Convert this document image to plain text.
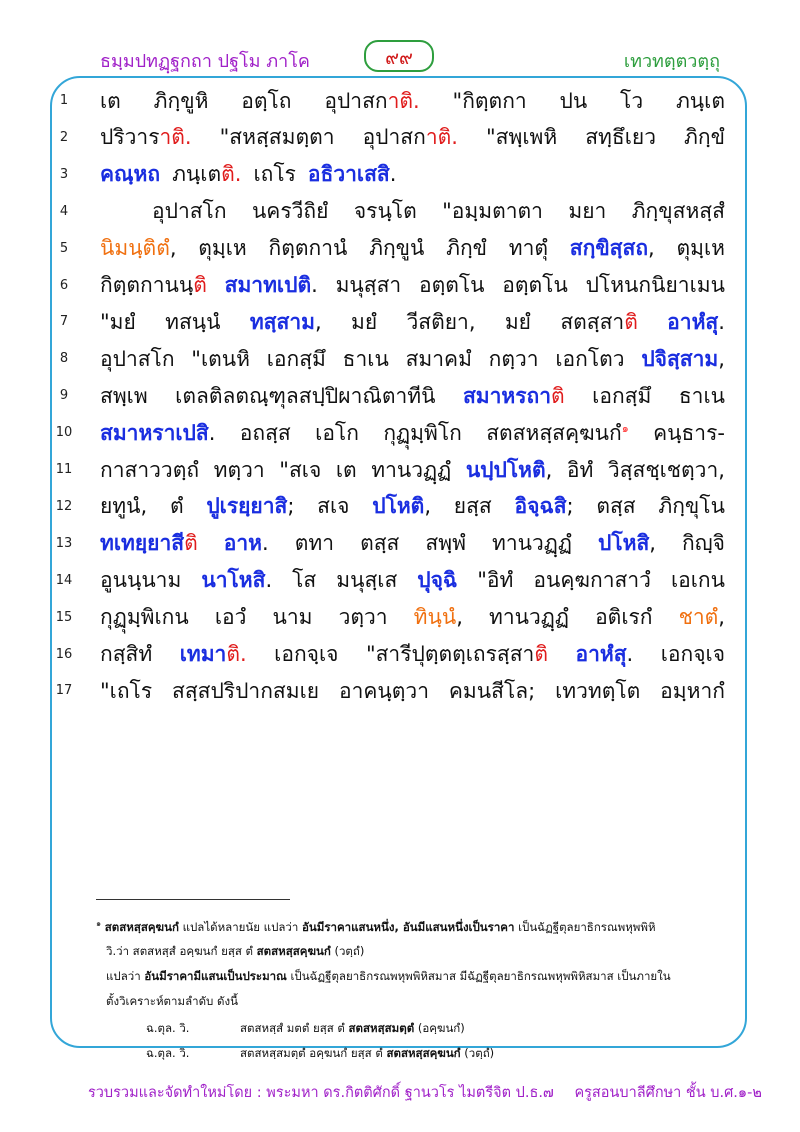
ธมฺมปทฏฺฐกถา ปฐโม ภาโค	๙๙	เทวทตฺตวตฺถุ
1	เต ภิกฺขูหิ อตฺโถ อุปาสกาติ. "กิตฺตกา ปน โว ภนฺเต
2	ปริวาราติ. "สหสฺสมตฺตา อุปาสกาติ. "สพฺเพหิ สทฺธึเยว ภิกฺขํ
3	คณฺหถ ภนฺเตติ. เถโร อธิวาเสสิ.
4	อุปาสโก นครวีถิยํ จรนฺโต "อมฺมตาตา มยา ภิกฺขุสหสฺสํ
5	นิมนฺติตํ, ตุมฺเห กิตฺตกานํ ภิกฺขูนํ ภิกฺขํ ทาตุํ สกฺขิสฺสถ, ตุมฺเห
6	กิตฺตกานนฺติ สมาทเปติ. มนุสฺสา อตฺตโน อตฺตโน ปโหนกนิยาเมน
7	"มยํ ทสนฺนํ ทสฺสาม, มยํ วีสติยา, มยํ สตสฺสาติ อาหํสุ.
8	อุปาสโก "เตนหิ เอกสฺมึ ธาเน สมาคมํ กตฺวา เอกโตว ปจิสฺสาม,
9	สพฺเพ เตลติลตณฺฑุลสปฺปิผาณิตาทีนิ สมาหรถาติ เอกสฺมึ ธาเน
10 สมาหราเปสิ. อถสฺส เอโก กุฏุมฺพิโก สตสหสฺสคฺฆนกํ$^๑$ คนฺธาร-
11 กาสาววตฺถํ ทตฺวา "สเจ เต ทานวฏฺฏํ นปฺปโหติ, อิทํ วิสฺสชฺเชตฺวา,
12 ยทูนํ, ตํ ปูเรยฺยาสิ; สเจ ปโหติ, ยสฺส อิจฺฉสิ; ตสฺส ภิกฺขุโน
13 ทเทยฺยาสีติ อาห. ตทา ตสฺส สพฺพํ ทานวฏฺฏํ ปโหสิ, กิญฺจิ
14 อูนนฺนาม นาโหสิ. โส มนุสฺเส ปุจฺฉิ "อิทํ อนคฺฆกาสาวํ เอเกน
15 กุฏุมฺพิเกน เอวํ นาม วตฺวา ทินฺนํ, ทานวฏฺฏํ อติเรกํ ชาตํ,
16 กสฺสิทํ เทมาติ. เอกจฺเจ "สารีปุตฺตตฺเถรสฺสาติ อาหํสุ. เอกจฺเจ
17 "เถโร สสฺสปริปากสมเย อาคนฺตฺวา คมนสีโล; เทวทตฺโต อมฺหากํ
$^๑$ สตสหสฺสคฺฆนกํ แปลได้หลายนัย แปลว่า อันมีราคาแสนหนึ่ง, อันมีแสนหนึ่งเป็นราคา เป็นฉัฏฐีตุลยาธิกรณพหุพพิหิ
วิ.ว่า สตสหสฺสํ อคฺฆนกํ ยสฺส ตํ สตสหสฺสคฺฆนกํ (วตฺถํ)
แปลว่า อันมีราคามีแสนเป็นประมาณ เป็นฉัฏฐีตุลยาธิกรณพหุพพิหิสมาส มีฉัฏฐีตุลยาธิกรณพหุพพิหิสมาส เป็นภายใน
ตั้งวิเคราะห์ตามลำดับ ดังนี้
ฉ.ตุล. วิ.	สตสหสฺสํ มตตํ ยสฺส ตํ สตสหสฺสมตฺตํ (อคฺฆนกํ)
ฉ.ตุล. วิ.	สตสหสฺสมตฺตํ อคฺฆนกํ ยสฺส ตํ สตสหสฺสคฺฆนกํ (วตฺถํ)
รวบรวมและจัดทำใหม่โดย : พระมหา ดร.กิตติศักดิ์ ฐานวโร ไมตรีจิต ป.ธ.๗ ครูสอนบาลีศึกษา ชั้น บ.ศ.๑-๒
